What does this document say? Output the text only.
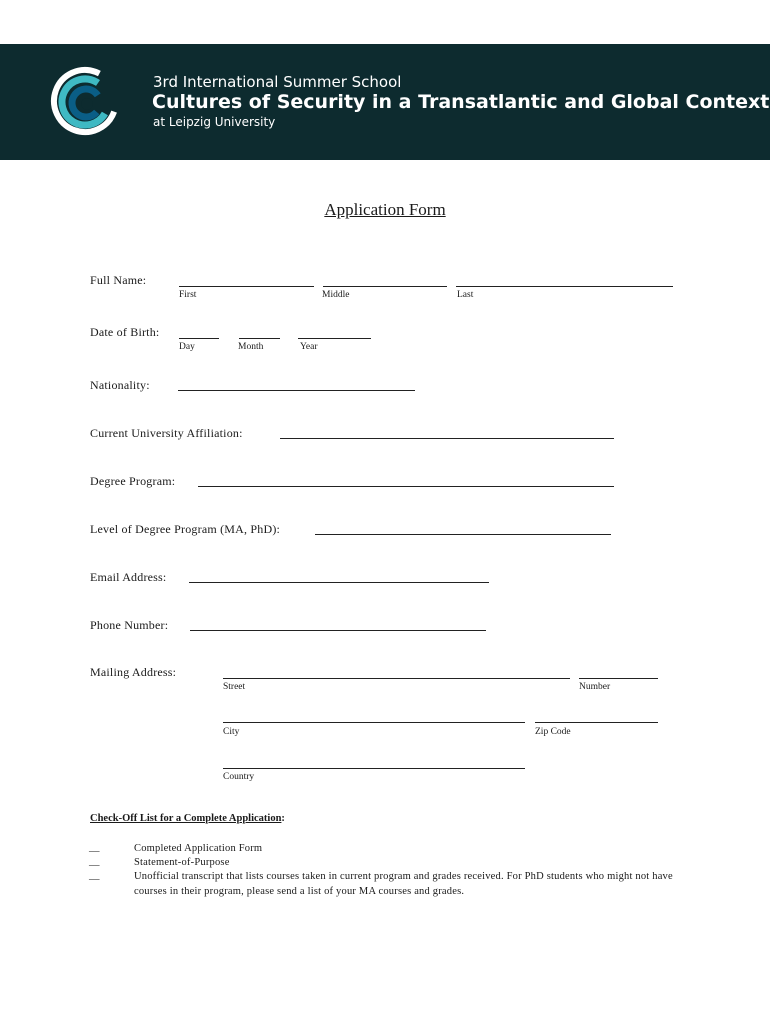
3rd International Summer School
Cultures of Security in a Transatlantic and Global Context
at Leipzig University
Application Form
Full Name:
First	Middle	Last
Date of Birth:
Day	Month	Year
Nationality:
Current University Affiliation:
Degree Program:
Level of Degree Program (MA, PhD):
Email Address:
Phone Number:
Mailing Address:
Street	Number
City	Zip Code
Country
Check-Off List for a Complete Application:
__	Completed Application Form
__	Statement-of-Purpose
__	Unofficial transcript that lists courses taken in current program and grades received. For PhD students who might not have courses in their program, please send a list of your MA courses and grades.
